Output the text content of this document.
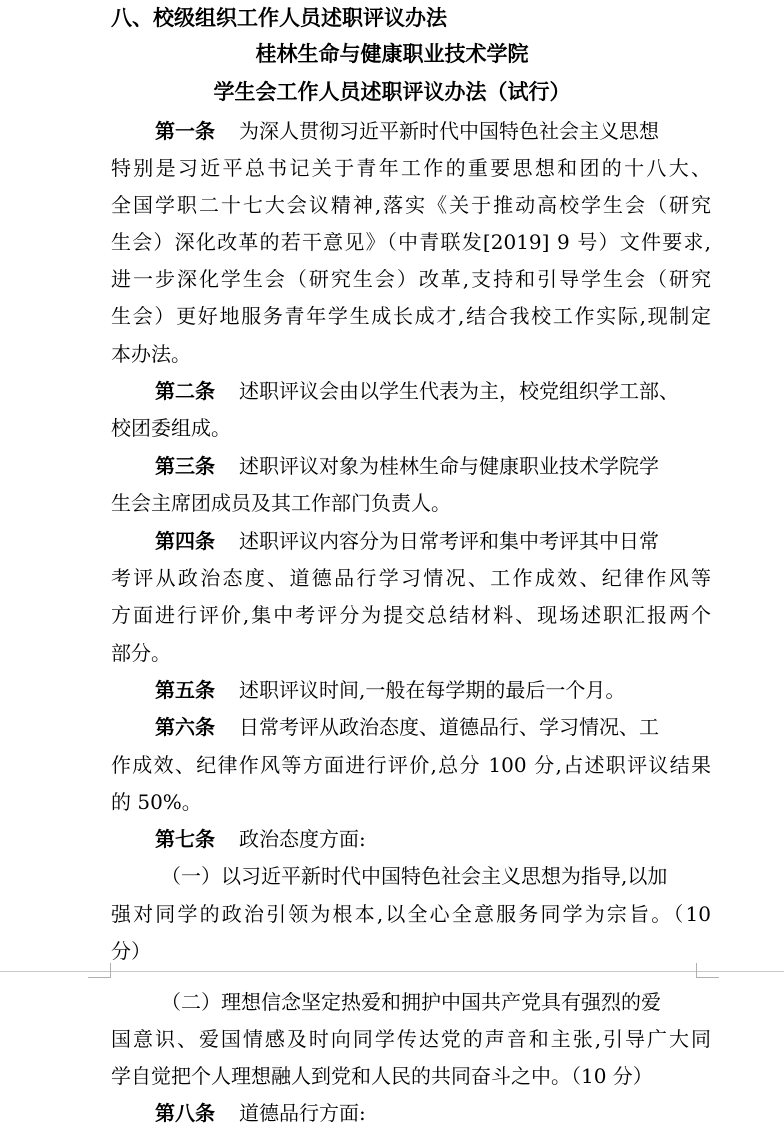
八、校级组织工作人员述职评议办法
桂林生命与健康职业技术学院
学生会工作人员述职评议办法（试行）
第一条 为深人贯彻习近平新时代中国特色社会主义思想
特别是习近平总书记关于青年工作的重要思想和团的十八大、
全国学职二十七大会议精神,落实《关于推动高校学生会（研究
生会）深化改革的若干意见》（中青联发[2019] 9 号）文件要求,
进一步深化学生会（研究生会）改革,支持和引导学生会（研究
生会）更好地服务青年学生成长成才,结合我校工作实际,现制定
本办法。
第二条 述职评议会由以学生代表为主，校党组织学工部、
校团委组成。
第三条 述职评议对象为桂林生命与健康职业技术学院学
生会主席团成员及其工作部门负责人。
第四条 述职评议内容分为日常考评和集中考评其中日常
考评从政治态度、道德品行学习情况、工作成效、纪律作风等
方面进行评价,集中考评分为提交总结材料、现场述职汇报两个
部分。
第五条 述职评议时间,一般在每学期的最后一个月。
第六条 日常考评从政治态度、道德品行、学习情况、工
作成效、纪律作风等方面进行评价,总分 100 分,占述职评议结果
的 50%。
第七条 政治态度方面:
（一）以习近平新时代中国特色社会主义思想为指导,以加
强对同学的政治引领为根本,以全心全意服务同学为宗旨。（10
分）
（二）理想信念坚定热爱和拥护中国共产党具有强烈的爱
国意识、爱国情感及时向同学传达党的声音和主张,引导广大同
学自觉把个人理想融人到党和人民的共同奋斗之中。（10 分）
第八条 道德品行方面:
